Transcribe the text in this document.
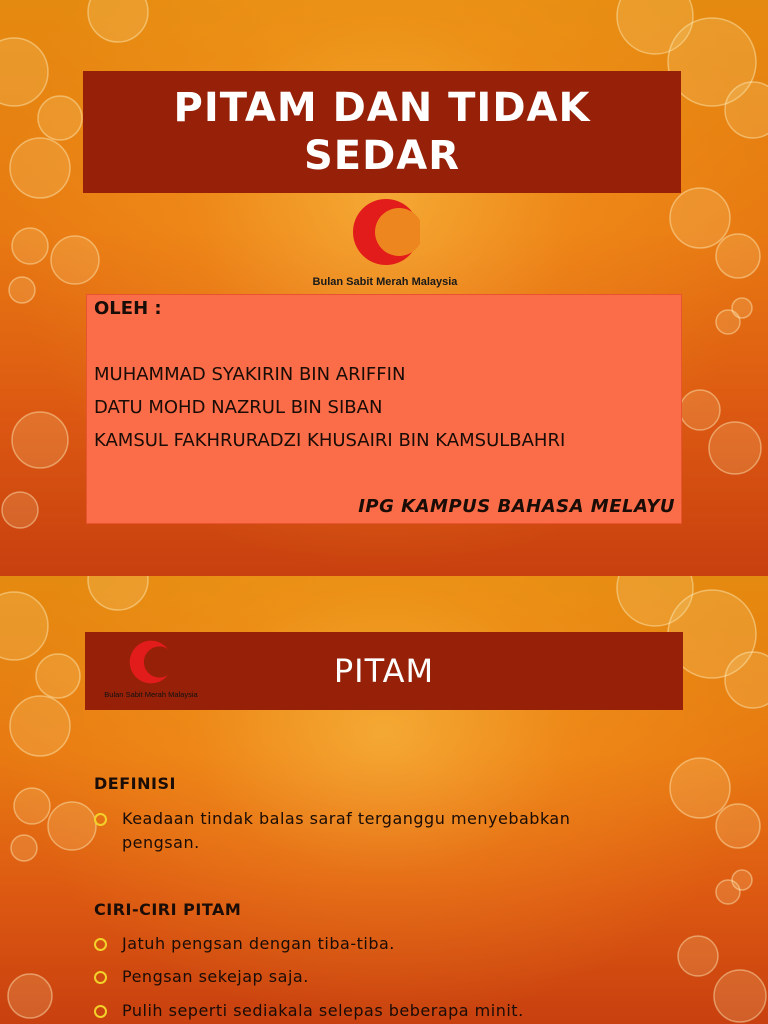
PITAM DAN TIDAK SEDAR
Bulan Sabit Merah Malaysia
OLEH :
MUHAMMAD SYAKIRIN BIN ARIFFIN
DATU MOHD NAZRUL BIN SIBAN
KAMSUL FAKHRURADZI KHUSAIRI BIN KAMSULBAHRI
IPG KAMPUS BAHASA MELAYU
PITAM
Bulan Sabit Merah Malaysia
DEFINISI
Keadaan tindak balas saraf terganggu menyebabkan pengsan.
CIRI-CIRI PITAM
Jatuh pengsan dengan tiba-tiba.
Pengsan sekejap saja.
Pulih seperti sediakala selepas beberapa minit.
